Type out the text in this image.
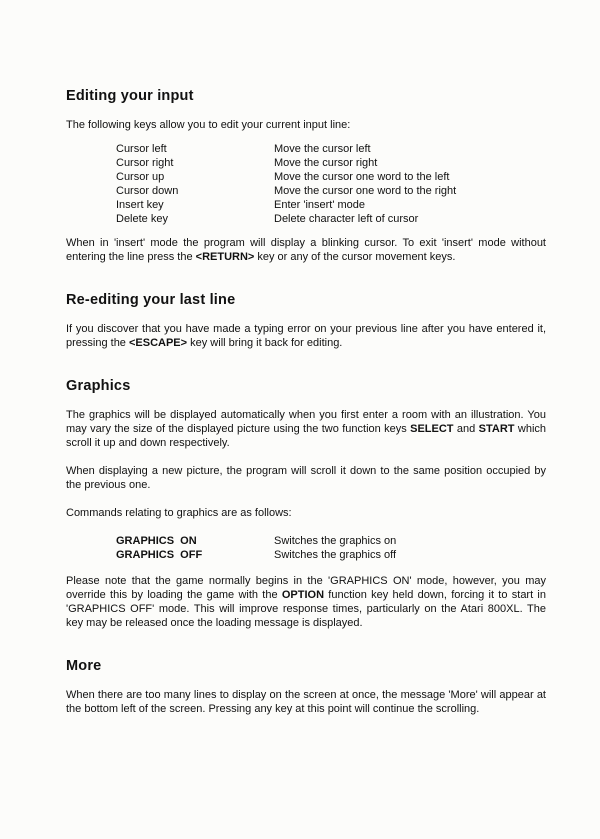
Editing your input

The following keys allow you to edit your current input line:

Cursor left	Move the cursor left
Cursor right	Move the cursor right
Cursor up	Move the cursor one word to the left
Cursor down	Move the cursor one word to the right
Insert key	Enter 'insert' mode
Delete key	Delete character left of cursor

When in 'insert' mode the program will display a blinking cursor. To exit 'insert' mode without entering the line press the <RETURN> key or any of the cursor movement keys.

Re-editing your last line

If you discover that you have made a typing error on your previous line after you have entered it, pressing the <ESCAPE> key will bring it back for editing.

Graphics

The graphics will be displayed automatically when you first enter a room with an illustration. You may vary the size of the displayed picture using the two function keys SELECT and START which scroll it up and down respectively.

When displaying a new picture, the program will scroll it down to the same position occupied by the previous one.

Commands relating to graphics are as follows:

GRAPHICS  ON	Switches the graphics on
GRAPHICS  OFF	Switches the graphics off

Please note that the game normally begins in the 'GRAPHICS ON' mode, however, you may override this by loading the game with the OPTION function key held down, forcing it to start in 'GRAPHICS OFF' mode. This will improve response times, particularly on the Atari 800XL. The key may be released once the loading message is displayed.

More

When there are too many lines to display on the screen at once, the message 'More' will appear at the bottom left of the screen. Pressing any key at this point will continue the scrolling.
